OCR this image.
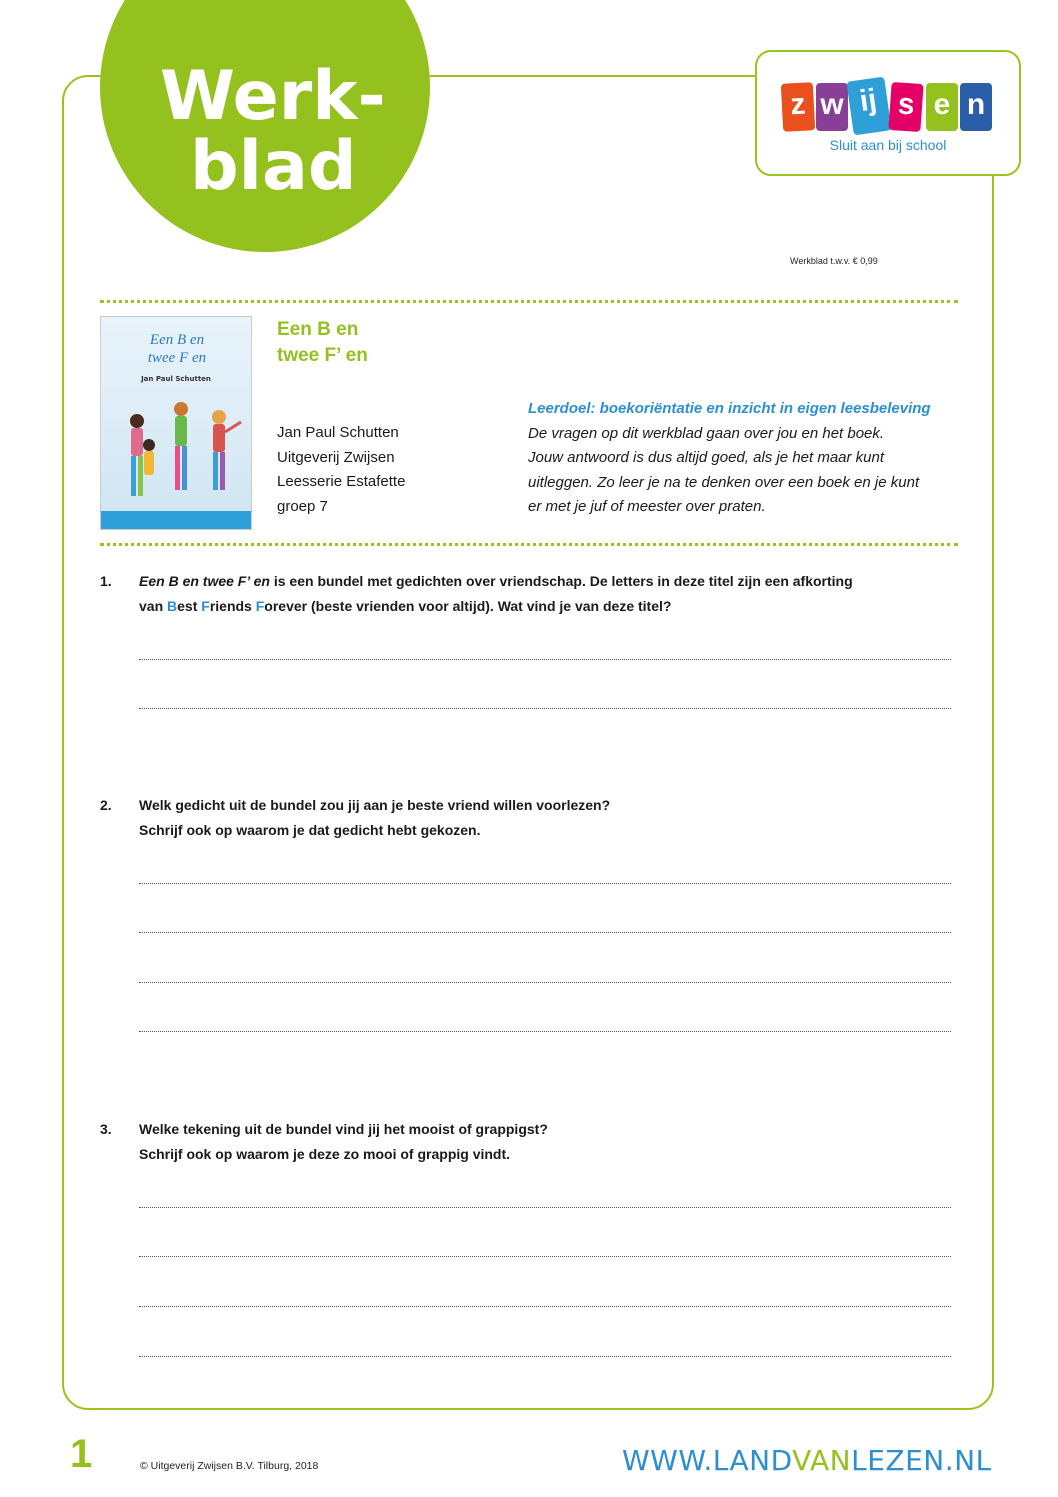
Werk-
blad
z w ij s e n
Sluit aan bij school
Werkblad t.w.v. € 0,99
Een B en
twee F en
Jan Paul Schutten
Een B en
twee F’ en
Jan Paul Schutten
Uitgeverij Zwijsen
Leesserie Estafette
groep 7
Leerdoel: boekoriëntatie en inzicht in eigen leesbeleving
De vragen op dit werkblad gaan over jou en het boek.
Jouw antwoord is dus altijd goed, als je het maar kunt
uitleggen. Zo leer je na te denken over een boek en je kunt
er met je juf of meester over praten.
1. Een B en twee F’ en is een bundel met gedichten over vriendschap. De letters in deze titel zijn een afkorting
van Best Friends Forever (beste vrienden voor altijd). Wat vind je van deze titel?
2. Welk gedicht uit de bundel zou jij aan je beste vriend willen voorlezen?
Schrijf ook op waarom je dat gedicht hebt gekozen.
3. Welke tekening uit de bundel vind jij het mooist of grappigst?
Schrijf ook op waarom je deze zo mooi of grappig vindt.
1	© Uitgeverij Zwijsen B.V. Tilburg, 2018	WWW.LANDVANLEZEN.NL
